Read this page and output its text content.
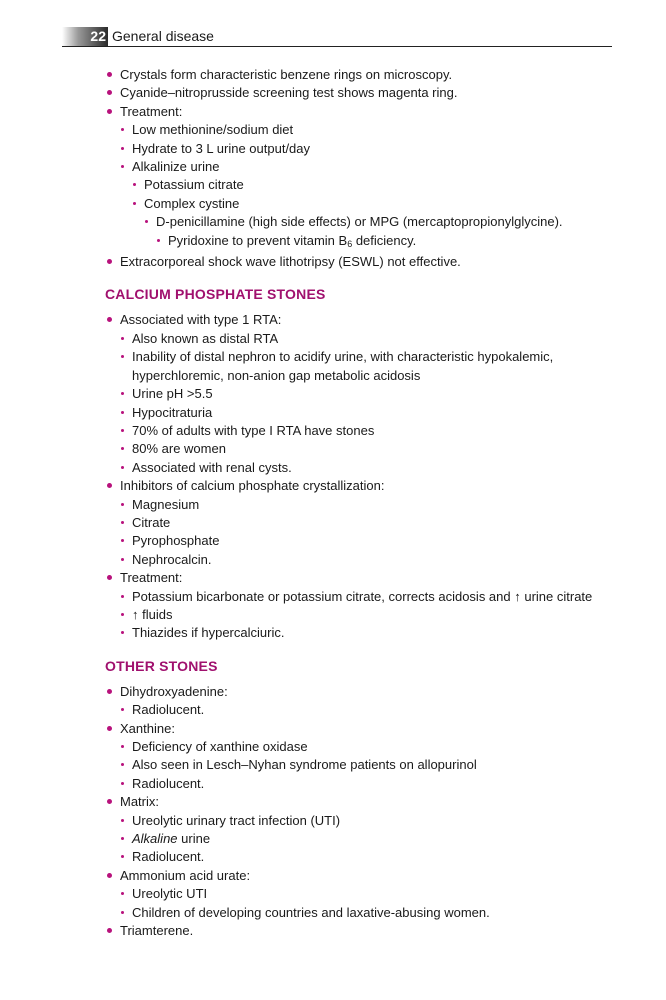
22 General disease
Crystals form characteristic benzene rings on microscopy.
Cyanide–nitroprusside screening test shows magenta ring.
Treatment:
Low methionine/sodium diet
Hydrate to 3 L urine output/day
Alkalinize urine
Potassium citrate
Complex cystine
D-penicillamine (high side effects) or MPG (mercaptopropionylglycine).
Pyridoxine to prevent vitamin B6 deficiency.
Extracorporeal shock wave lithotripsy (ESWL) not effective.
CALCIUM PHOSPHATE STONES
Associated with type 1 RTA:
Also known as distal RTA
Inability of distal nephron to acidify urine, with characteristic hypokalemic, hyperchloremic, non-anion gap metabolic acidosis
Urine pH >5.5
Hypocitraturia
70% of adults with type I RTA have stones
80% are women
Associated with renal cysts.
Inhibitors of calcium phosphate crystallization:
Magnesium
Citrate
Pyrophosphate
Nephrocalcin.
Treatment:
Potassium bicarbonate or potassium citrate, corrects acidosis and ↑ urine citrate
↑ fluids
Thiazides if hypercalciuric.
OTHER STONES
Dihydroxyadenine:
Radiolucent.
Xanthine:
Deficiency of xanthine oxidase
Also seen in Lesch–Nyhan syndrome patients on allopurinol
Radiolucent.
Matrix:
Ureolytic urinary tract infection (UTI)
Alkaline urine
Radiolucent.
Ammonium acid urate:
Ureolytic UTI
Children of developing countries and laxative-abusing women.
Triamterene.
